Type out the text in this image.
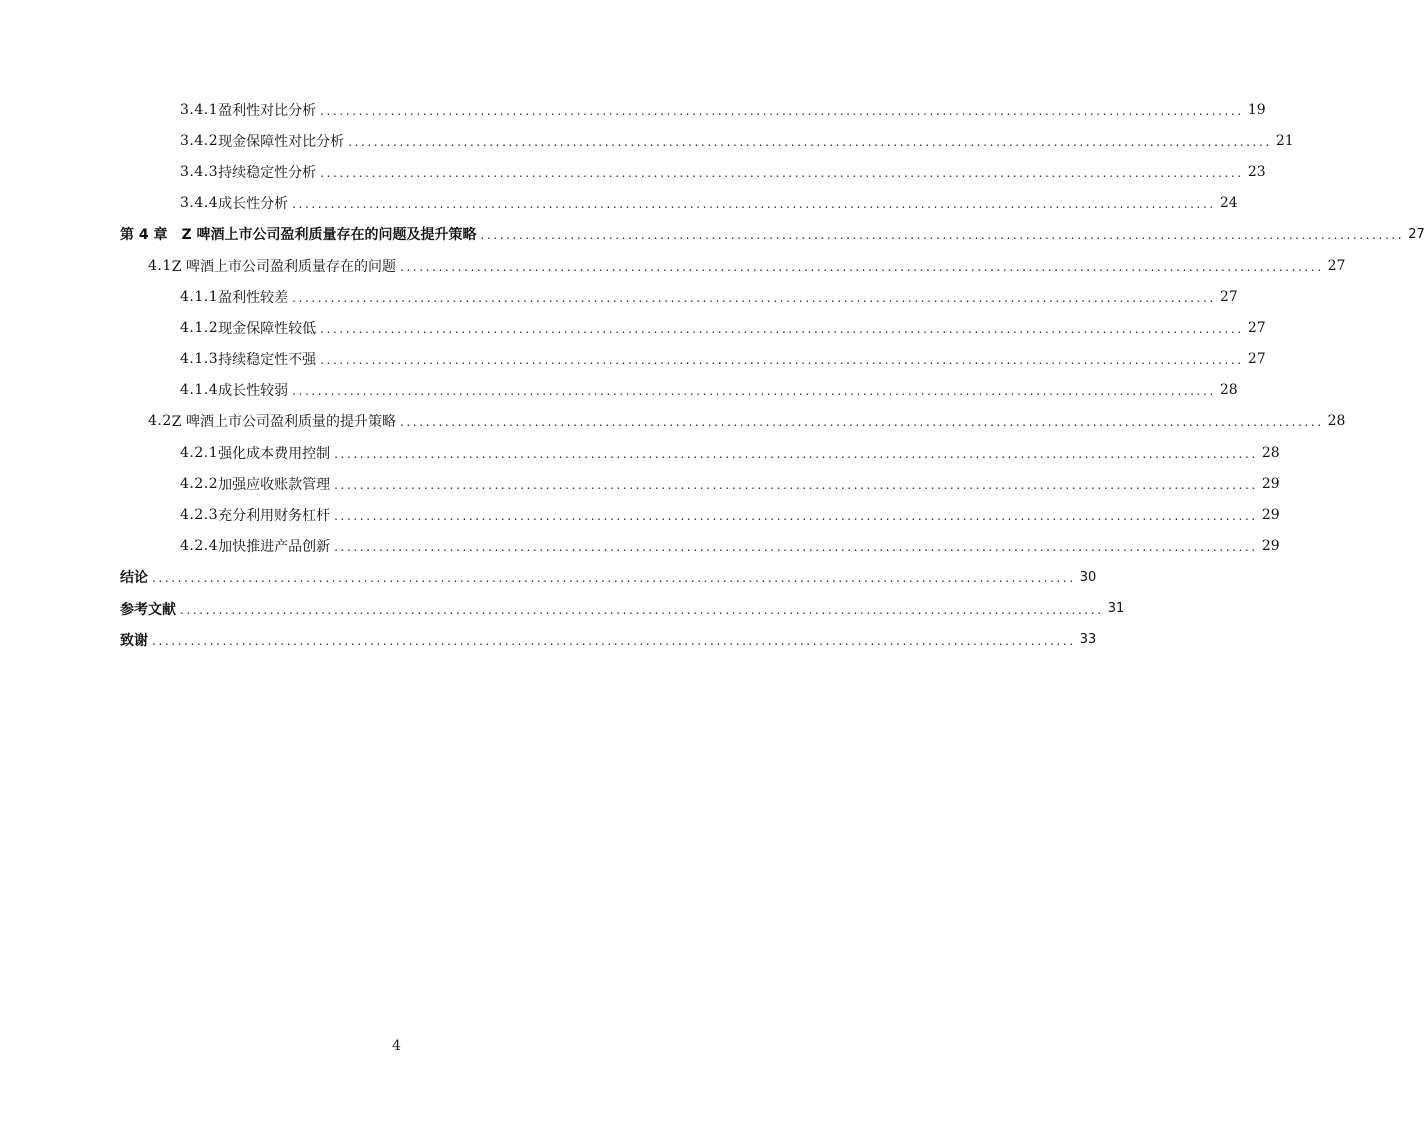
3.4.1 盈利性对比分析 ................................................................................................................................................ 19
3.4.2 现金保障性对比分析 ................................................................................................................................................ 21
3.4.3 持续稳定性分析 ................................................................................................................................................ 23
3.4.4 成长性分析 ................................................................................................................................................ 24
第 4 章 Z 啤酒上市公司盈利质量存在的问题及提升策略 ................................................................................................................................................ 27
4.1 Z 啤酒上市公司盈利质量存在的问题 ................................................................................................................................................ 27
4.1.1 盈利性较差 ................................................................................................................................................ 27
4.1.2 现金保障性较低 ................................................................................................................................................ 27
4.1.3 持续稳定性不强 ................................................................................................................................................ 27
4.1.4 成长性较弱 ................................................................................................................................................ 28
4.2 Z 啤酒上市公司盈利质量的提升策略 ................................................................................................................................................ 28
4.2.1 强化成本费用控制 ................................................................................................................................................ 28
4.2.2 加强应收账款管理 ................................................................................................................................................ 29
4.2.3 充分利用财务杠杆 ................................................................................................................................................ 29
4.2.4 加快推进产品创新 ................................................................................................................................................ 29
结论 ................................................................................................................................................ 30
参考文献 ................................................................................................................................................ 31
致谢 ................................................................................................................................................ 33
4
